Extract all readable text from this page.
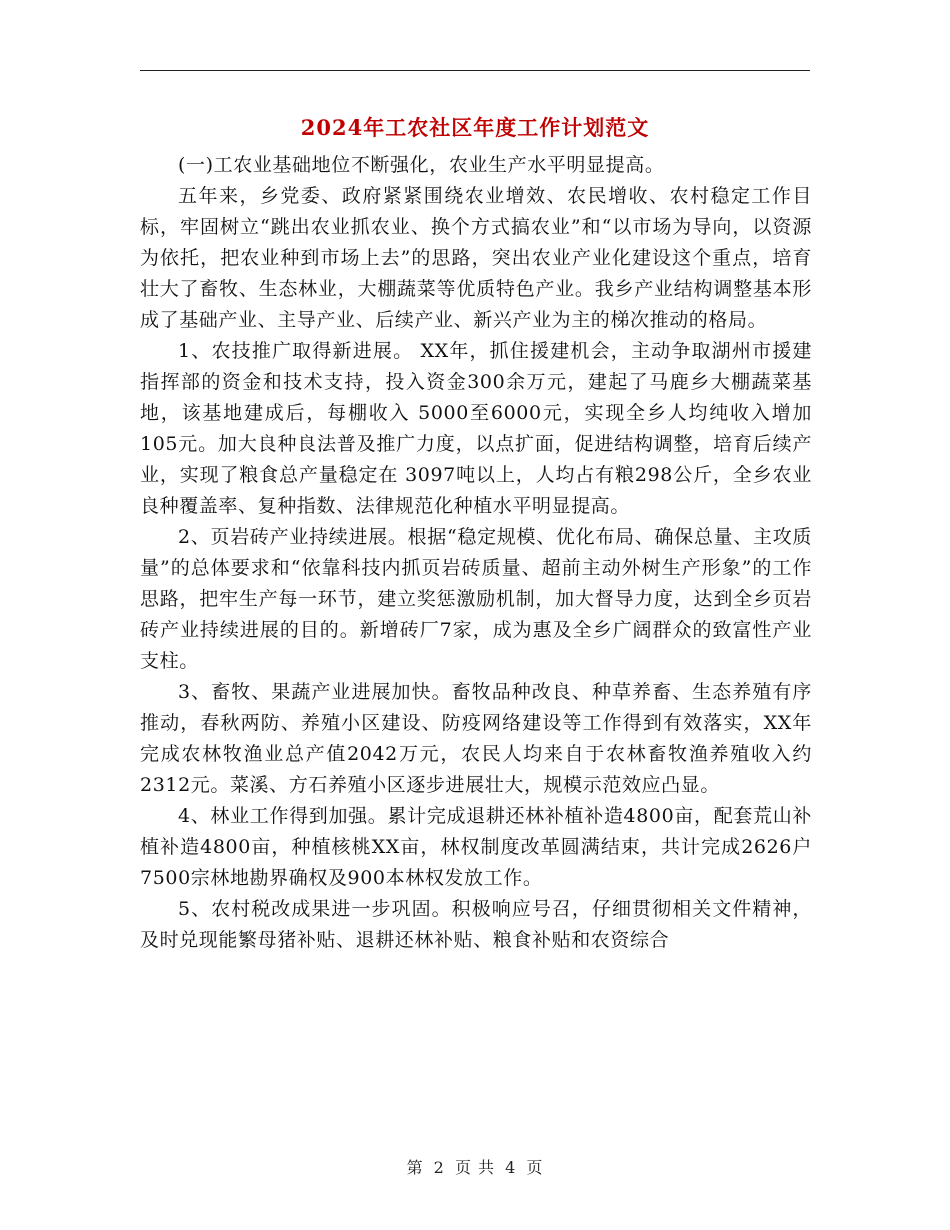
2024年工农社区年度工作计划范文

(一)工农业基础地位不断强化，农业生产水平明显提高。

五年来，乡党委、政府紧紧围绕农业增效、农民增收、农村稳定工作目标，牢固树立“跳出农业抓农业、换个方式搞农业”和“以市场为导向，以资源为依托，把农业种到市场上去”的思路，突出农业产业化建设这个重点，培育壮大了畜牧、生态林业，大棚蔬菜等优质特色产业。我乡产业结构调整基本形成了基础产业、主导产业、后续产业、新兴产业为主的梯次推动的格局。

1、农技推广取得新进展。 XX年，抓住援建机会，主动争取湖州市援建指挥部的资金和技术支持，投入资金300余万元，建起了马鹿乡大棚蔬菜基地，该基地建成后，每棚收入 5000至6000元，实现全乡人均纯收入增加105元。加大良种良法普及推广力度，以点扩面，促进结构调整，培育后续产业，实现了粮食总产量稳定在 3097吨以上，人均占有粮298公斤，全乡农业良种覆盖率、复种指数、法律规范化种植水平明显提高。

2、页岩砖产业持续进展。根据“稳定规模、优化布局、确保总量、主攻质量”的总体要求和“依靠科技内抓页岩砖质量、超前主动外树生产形象”的工作思路，把牢生产每一环节，建立奖惩激励机制，加大督导力度，达到全乡页岩砖产业持续进展的目的。新增砖厂7家，成为惠及全乡广阔群众的致富性产业支柱。

3、畜牧、果蔬产业进展加快。畜牧品种改良、种草养畜、生态养殖有序推动，春秋两防、养殖小区建设、防疫网络建设等工作得到有效落实，XX年完成农林牧渔业总产值2042万元，农民人均来自于农林畜牧渔养殖收入约2312元。菜溪、方石养殖小区逐步进展壮大，规模示范效应凸显。

4、林业工作得到加强。累计完成退耕还林补植补造4800亩，配套荒山补植补造4800亩，种植核桃XX亩，林权制度改革圆满结束，共计完成2626户7500宗林地勘界确权及900本林权发放工作。

5、农村税改成果进一步巩固。积极响应号召，仔细贯彻相关文件精神，及时兑现能繁母猪补贴、退耕还林补贴、粮食补贴和农资综合

第 2 页 共 4 页
